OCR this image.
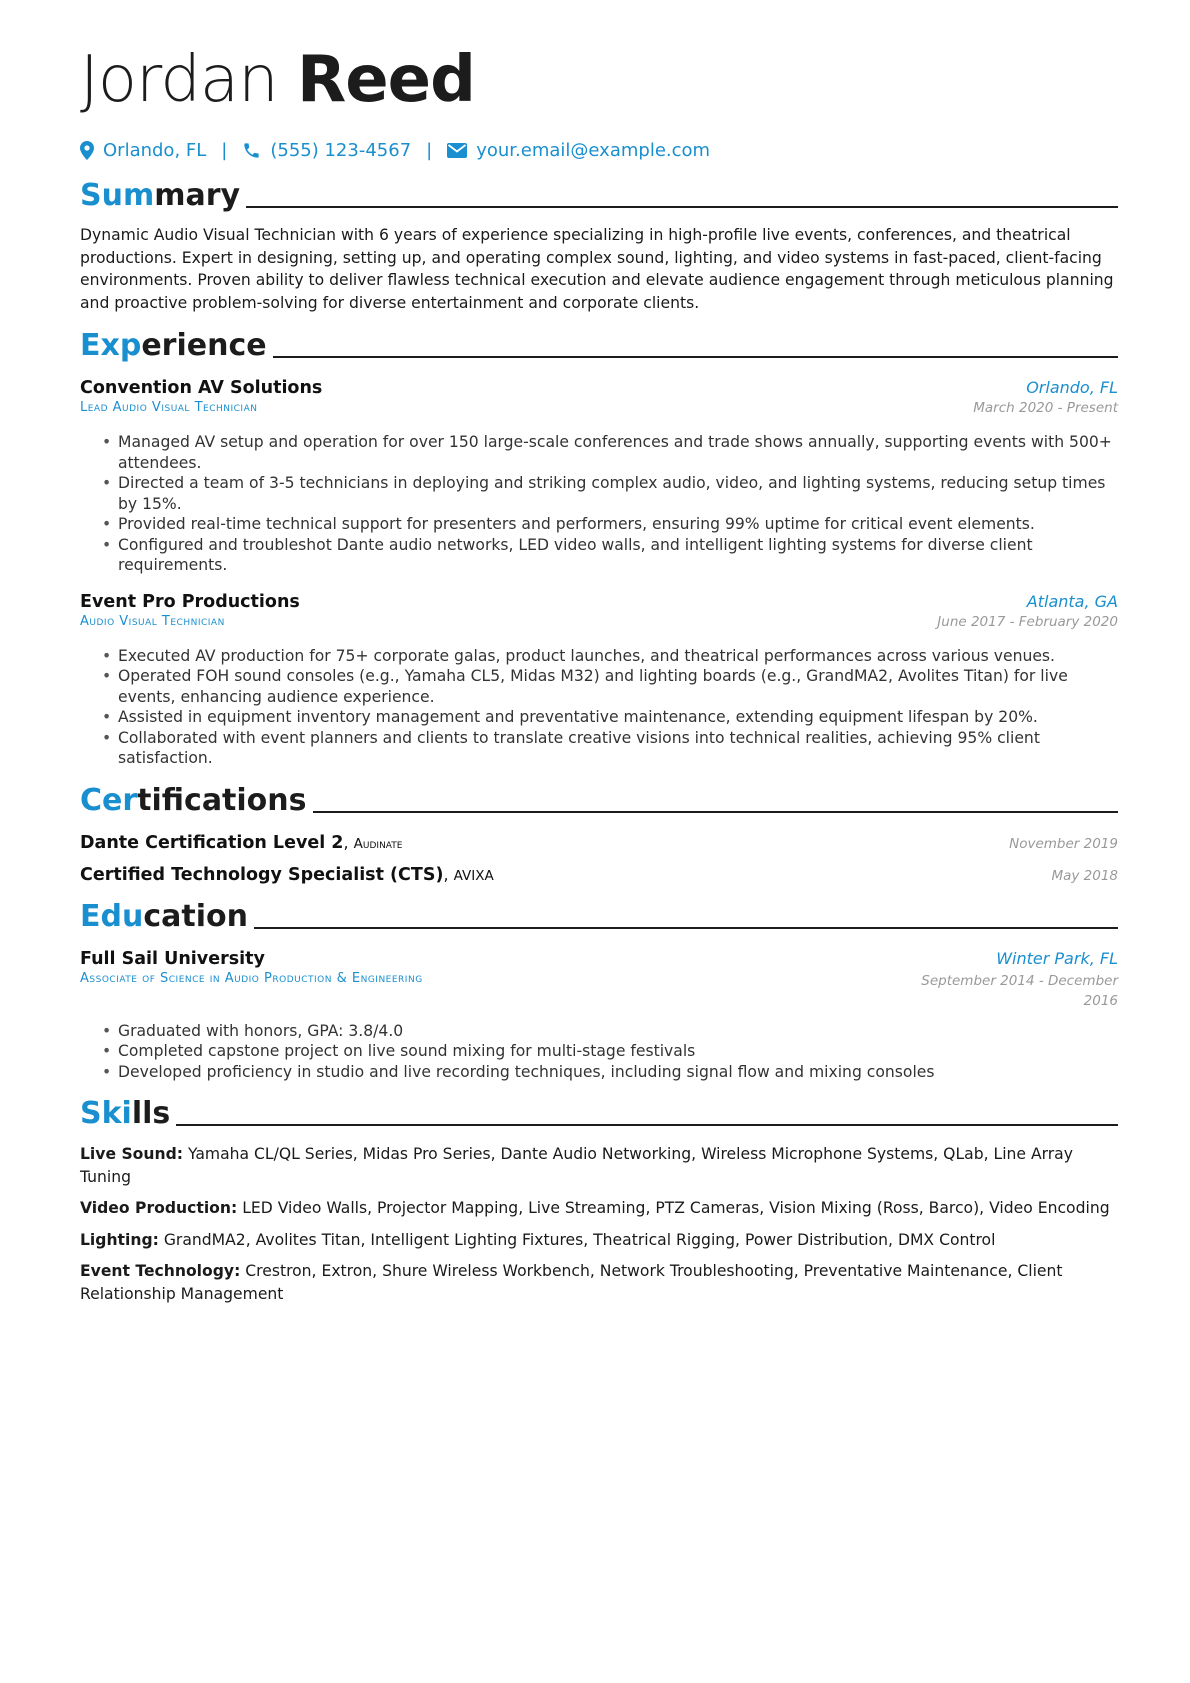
Jordan Reed
Orlando, FL | (555) 123-4567 | your.email@example.com
Summary

Dynamic Audio Visual Technician with 6 years of experience specializing in high-profile live events, conferences, and theatrical productions. Expert in designing, setting up, and operating complex sound, lighting, and video systems in fast-paced, client-facing environments. Proven ability to deliver flawless technical execution and elevate audience engagement through meticulous planning and proactive problem-solving for diverse entertainment and corporate clients.

Experience
Convention AV Solutions	Orlando, FL
Lead Audio Visual Technician	March 2020 - Present
• Managed AV setup and operation for over 150 large-scale conferences and trade shows annually, supporting events with 500+ attendees.
• Directed a team of 3-5 technicians in deploying and striking complex audio, video, and lighting systems, reducing setup times by 15%.
• Provided real-time technical support for presenters and performers, ensuring 99% uptime for critical event elements.
• Configured and troubleshot Dante audio networks, LED video walls, and intelligent lighting systems for diverse client requirements.
Event Pro Productions	Atlanta, GA
Audio Visual Technician	June 2017 - February 2020
• Executed AV production for 75+ corporate galas, product launches, and theatrical performances across various venues.
• Operated FOH sound consoles (e.g., Yamaha CL5, Midas M32) and lighting boards (e.g., GrandMA2, Avolites Titan) for live events, enhancing audience experience.
• Assisted in equipment inventory management and preventative maintenance, extending equipment lifespan by 20%.
• Collaborated with event planners and clients to translate creative visions into technical realities, achieving 95% client satisfaction.
Certifications
Dante Certification Level 2, Audinate	November 2019
Certified Technology Specialist (CTS), AVIXA	May 2018
Education
Full Sail University	Winter Park, FL
Associate of Science in Audio Production & Engineering	September 2014 - December
2016
• Graduated with honors, GPA: 3.8/4.0
• Completed capstone project on live sound mixing for multi-stage festivals
• Developed proficiency in studio and live recording techniques, including signal flow and mixing consoles
Skills

Live Sound: Yamaha CL/QL Series, Midas Pro Series, Dante Audio Networking, Wireless Microphone Systems, QLab, Line Array Tuning

Video Production: LED Video Walls, Projector Mapping, Live Streaming, PTZ Cameras, Vision Mixing (Ross, Barco), Video Encoding

Lighting: GrandMA2, Avolites Titan, Intelligent Lighting Fixtures, Theatrical Rigging, Power Distribution, DMX Control

Event Technology: Crestron, Extron, Shure Wireless Workbench, Network Troubleshooting, Preventative Maintenance, Client Relationship Management
